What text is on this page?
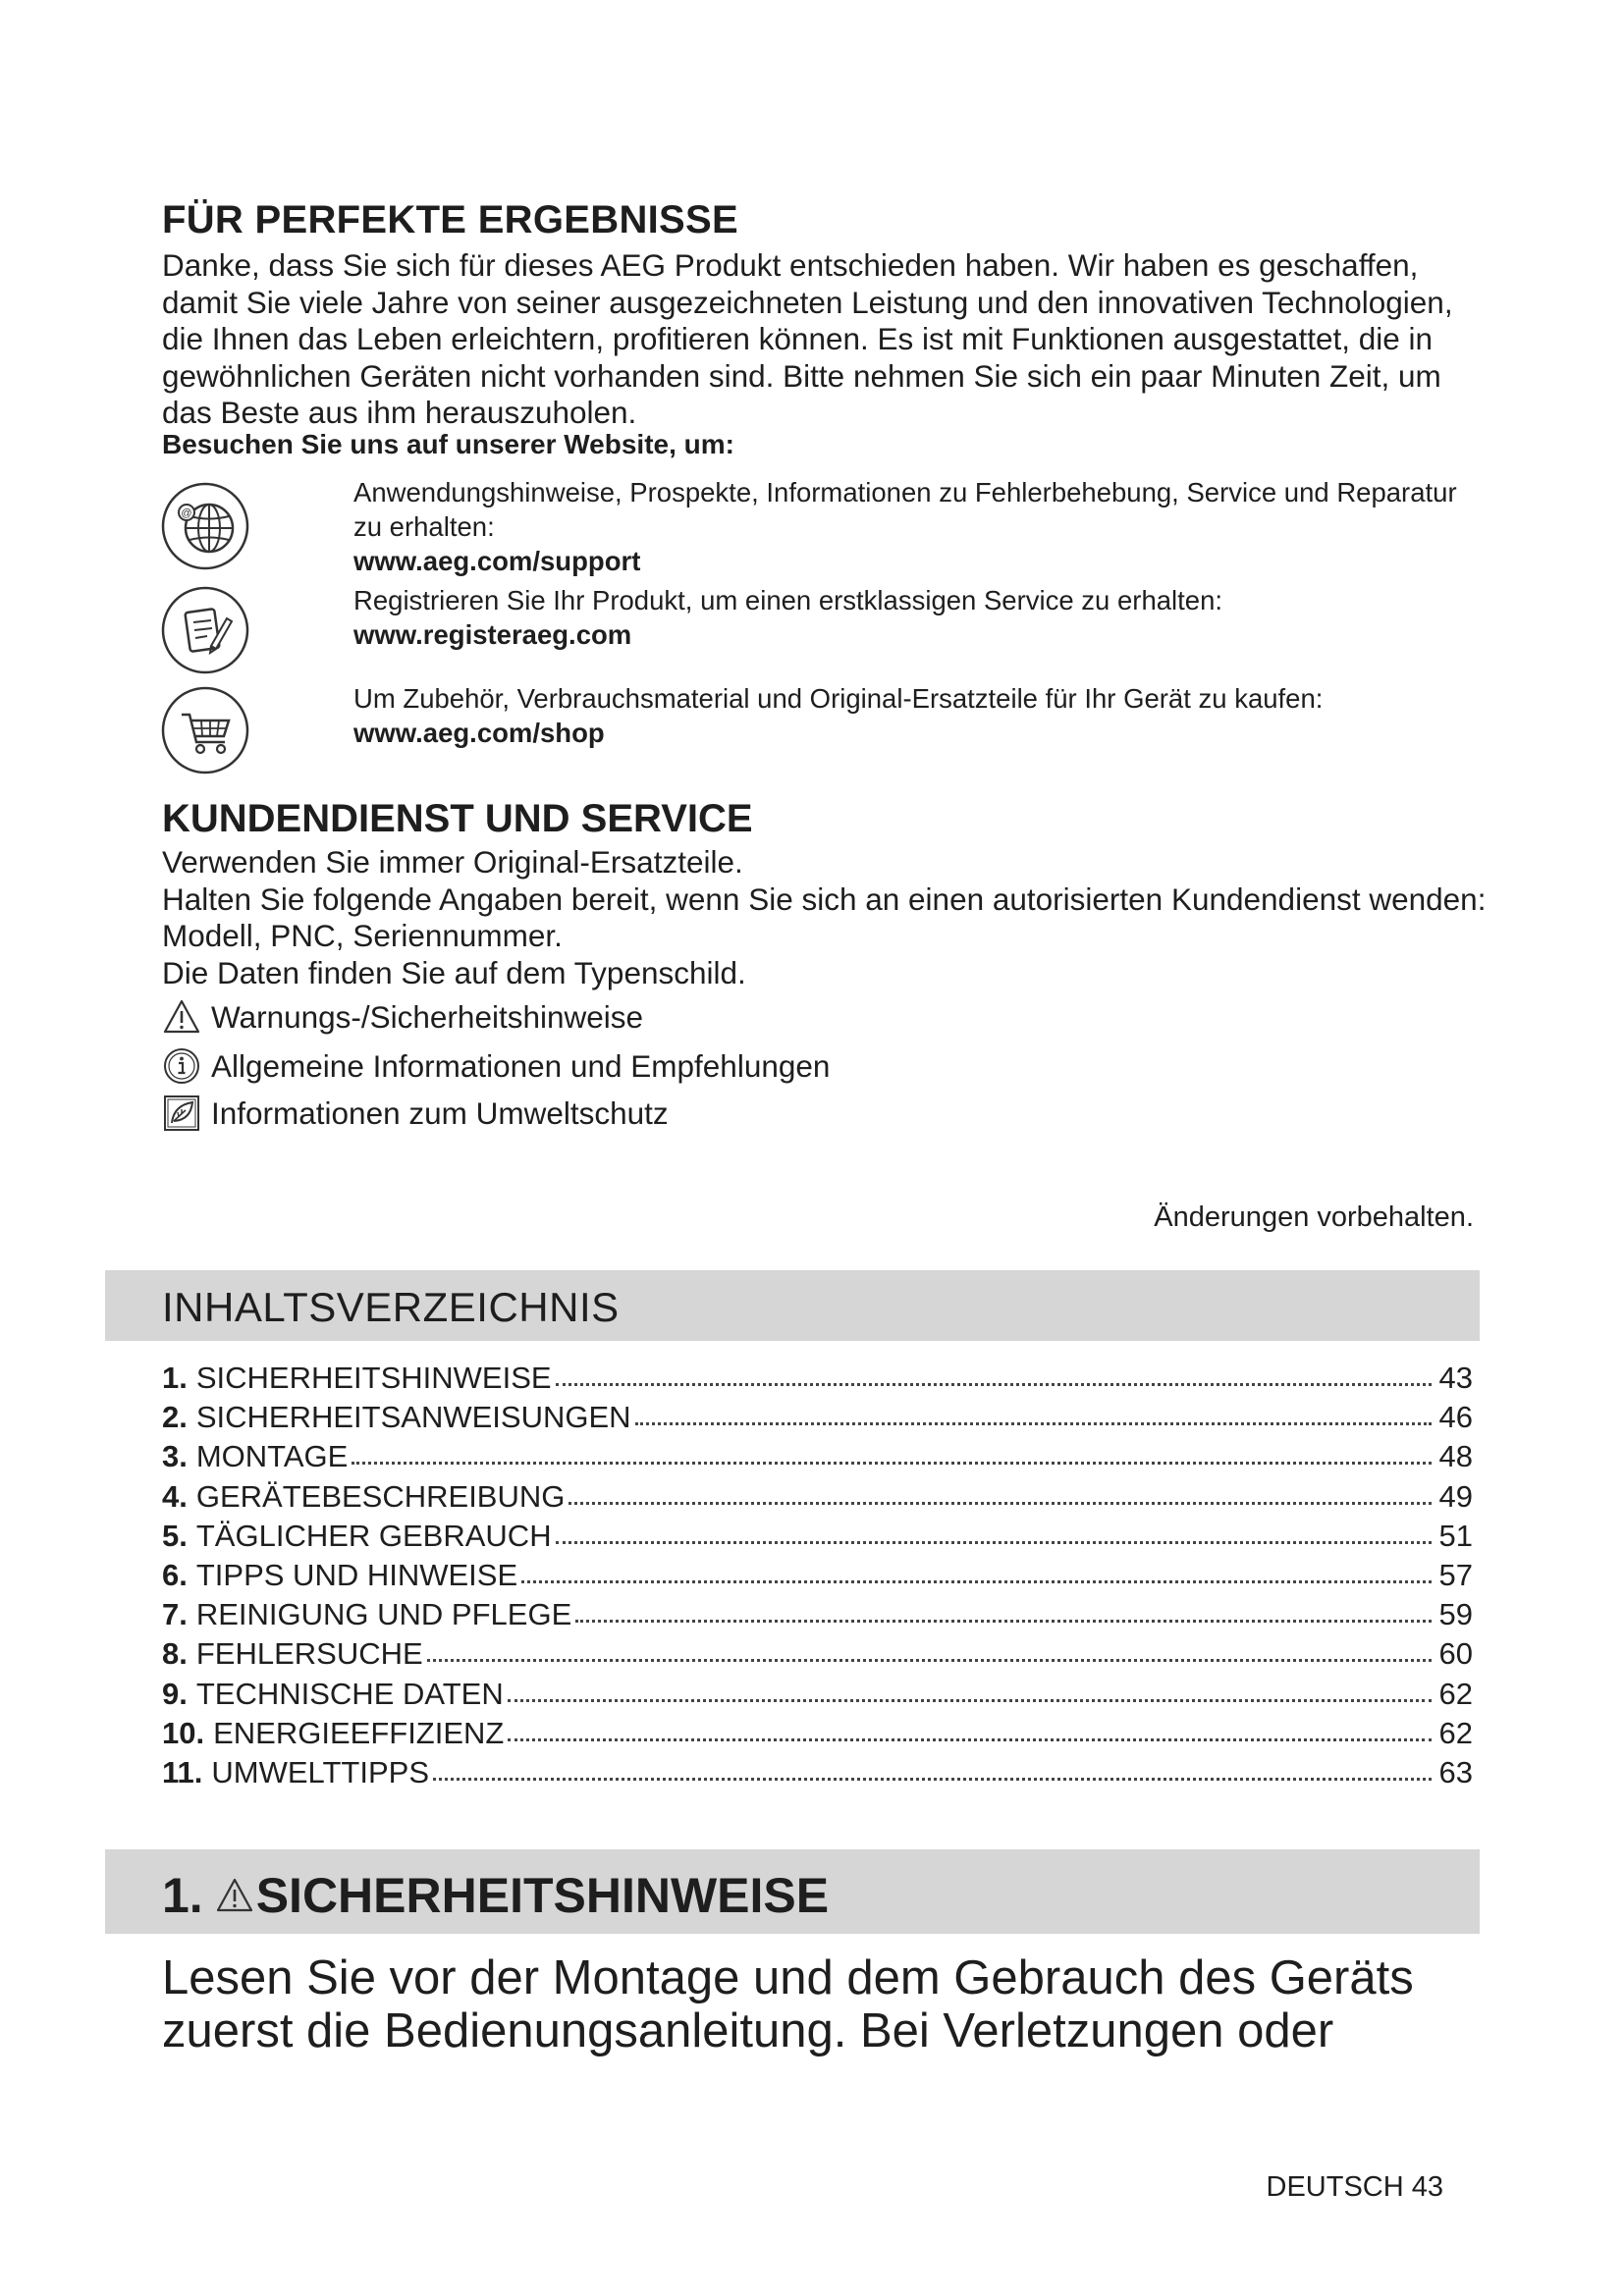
FÜR PERFEKTE ERGEBNISSE

Danke, dass Sie sich für dieses AEG Produkt entschieden haben. Wir haben es geschaffen, damit Sie viele Jahre von seiner ausgezeichneten Leistung und den innovativen Technologien, die Ihnen das Leben erleichtern, profitieren können. Es ist mit Funktionen ausgestattet, die in gewöhnlichen Geräten nicht vorhanden sind. Bitte nehmen Sie sich ein paar Minuten Zeit, um das Beste aus ihm herauszuholen.

Besuchen Sie uns auf unserer Website, um:

@
Anwendungshinweise, Prospekte, Informationen zu Fehlerbehebung, Service und Reparatur zu erhalten:
www.aeg.com/support
Registrieren Sie Ihr Produkt, um einen erstklassigen Service zu erhalten:
www.registeraeg.com
Um Zubehör, Verbrauchsmaterial und Original-Ersatzteile für Ihr Gerät zu kaufen:
www.aeg.com/shop
KUNDENDIENST UND SERVICE

Verwenden Sie immer Original-Ersatzteile.
Halten Sie folgende Angaben bereit, wenn Sie sich an einen autorisierten Kundendienst wenden: Modell, PNC, Seriennummer.
Die Daten finden Sie auf dem Typenschild.

Warnungs-/Sicherheitshinweise
Allgemeine Informationen und Empfehlungen
Informationen zum Umweltschutz
Änderungen vorbehalten.
INHALTSVERZEICHNIS
1. SICHERHEITSHINWEISE	43
2. SICHERHEITSANWEISUNGEN	46
3. MONTAGE	48
4. GERÄTEBESCHREIBUNG	49
5. TÄGLICHER GEBRAUCH	51
6. TIPPS UND HINWEISE	57
7. REINIGUNG UND PFLEGE	59
8. FEHLERSUCHE	60
9. TECHNISCHE DATEN	62
10. ENERGIEEFFIZIENZ	62
11. UMWELTTIPPS	63
1. SICHERHEITSHINWEISE

Lesen Sie vor der Montage und dem Gebrauch des Geräts zuerst die Bedienungsanleitung. Bei Verletzungen oder

DEUTSCH 43
